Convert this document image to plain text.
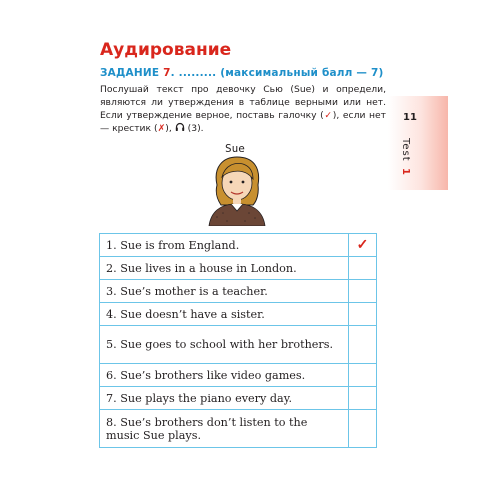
Аудирование
ЗАДАНИЕ 7. ......... (максимальный балл — 7)
Послушай текст про девочку Сью (Sue) и определи, являются ли утверждения в таблице верными или нет. Если утверждение верное, поставь галочку (✓), если нет — крестик (✗),  (3).
11
Test1
Sue
1. Sue is from England.	✓
2. Sue lives in a house in London.	
3. Sue’s mother is a teacher.	
4. Sue doesn’t have a sister.	
5. Sue goes to school with her brothers.	
6. Sue’s brothers like video games.	
7. Sue plays the piano every day.	
8. Sue’s brothers don’t listen to the music Sue plays.	
